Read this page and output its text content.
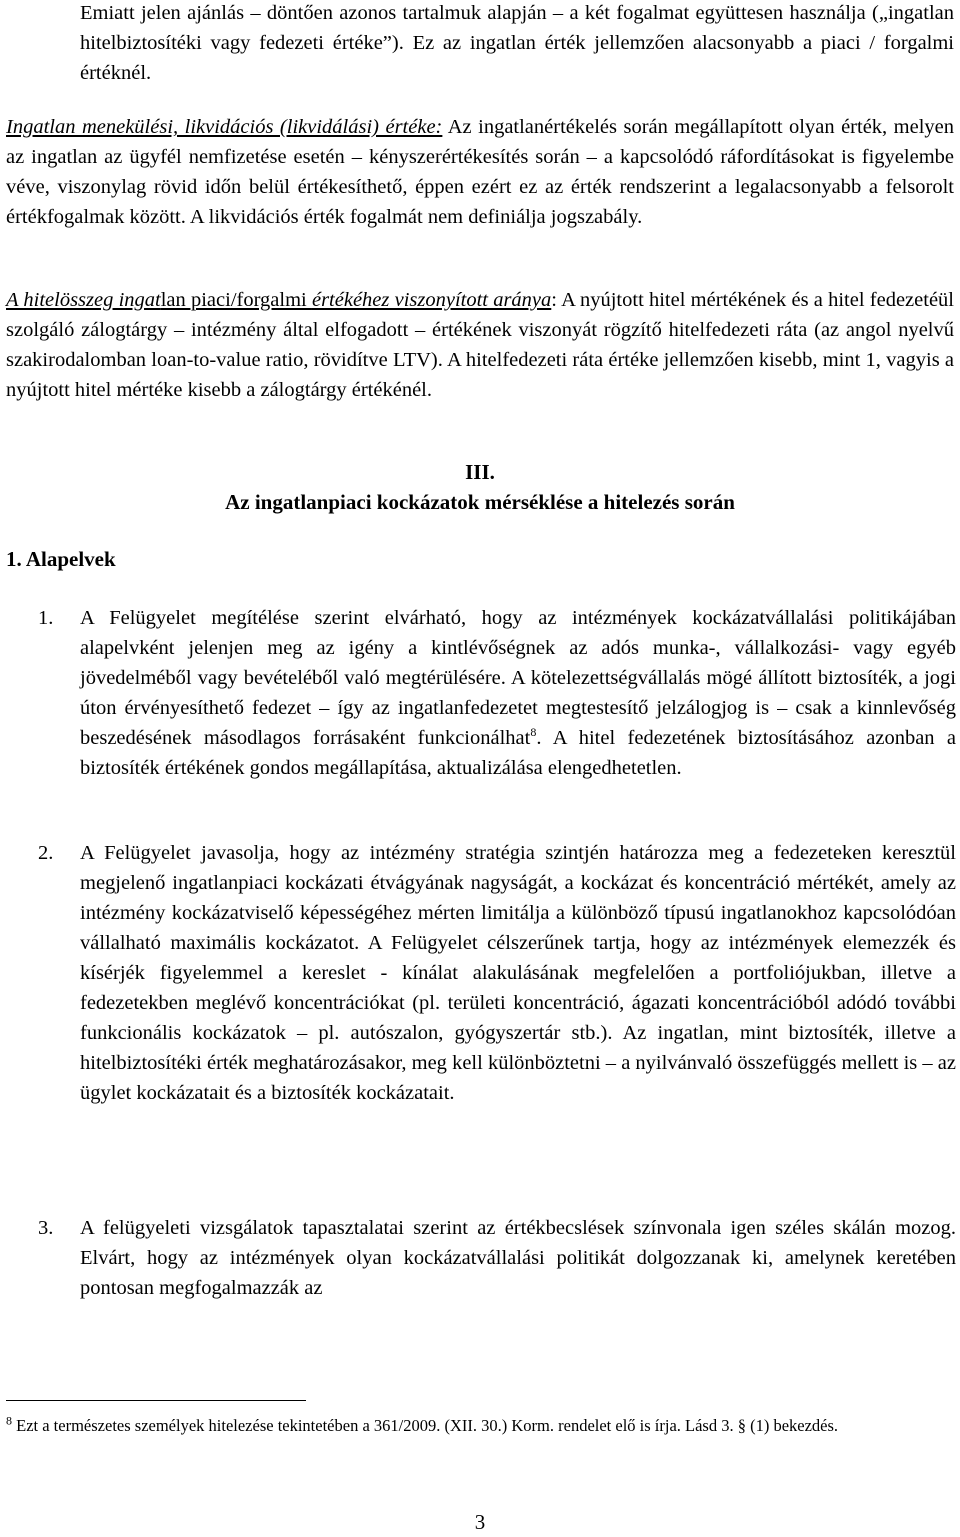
Emiatt jelen ajánlás – döntően azonos tartalmuk alapján – a két fogalmat együttesen használja („ingatlan hitelbiztosítéki vagy fedezeti értéke”). Ez az ingatlan érték jellemzően alacsonyabb a piaci / forgalmi értéknél.
Ingatlan menekülési, likvidációs (likvidálási) értéke: Az ingatlanértékelés során megállapított olyan érték, melyen az ingatlan az ügyfél nemfizetése esetén – kényszerértékesítés során – a kapcsolódó ráfordításokat is figyelembe véve, viszonylag rövid időn belül értékesíthető, éppen ezért ez az érték rendszerint a legalacsonyabb a felsorolt értékfogalmak között. A likvidációs érték fogalmát nem definiálja jogszabály.
A hitelösszeg ingatlan piaci/forgalmi értékéhez viszonyított aránya: A nyújtott hitel mértékének és a hitel fedezetéül szolgáló zálogtárgy – intézmény által elfogadott – értékének viszonyát rögzítő hitelfedezeti ráta (az angol nyelvű szakirodalomban loan-to-value ratio, rövidítve LTV). A hitelfedezeti ráta értéke jellemzően kisebb, mint 1, vagyis a nyújtott hitel mértéke kisebb a zálogtárgy értékénél.
III.
Az ingatlanpiaci kockázatok mérséklése a hitelezés során
1. Alapelvek
1. A Felügyelet megítélése szerint elvárható, hogy az intézmények kockázatvállalási politikájában alapelvként jelenjen meg az igény a kintlévőségnek az adós munka-, vállalkozási- vagy egyéb jövedelméből vagy bevételéből való megtérülésére. A kötelezettségvállalás mögé állított biztosíték, a jogi úton érvényesíthető fedezet – így az ingatlanfedezetet megtestesítő jelzálogjog is – csak a kinnlevőség beszedésének másodlagos forrásaként funkcionálhat$^8$. A hitel fedezetének biztosításához azonban a biztosíték értékének gondos megállapítása, aktualizálása elengedhetetlen.
2. A Felügyelet javasolja, hogy az intézmény stratégia szintjén határozza meg a fedezeteken keresztül megjelenő ingatlanpiaci kockázati étvágyának nagyságát, a kockázat és koncentráció mértékét, amely az intézmény kockázatviselő képességéhez mérten limitálja a különböző típusú ingatlanokhoz kapcsolódóan vállalható maximális kockázatot. A Felügyelet célszerűnek tartja, hogy az intézmények elemezzék és kísérjék figyelemmel a kereslet - kínálat alakulásának megfelelően a portfoliójukban, illetve a fedezetekben meglévő koncentrációkat (pl. területi koncentráció, ágazati koncentrációból adódó további funkcionális kockázatok – pl. autószalon, gyógyszertár stb.). Az ingatlan, mint biztosíték, illetve a hitelbiztosítéki érték meghatározásakor, meg kell különböztetni – a nyilvánvaló összefüggés mellett is – az ügylet kockázatait és a biztosíték kockázatait.
3. A felügyeleti vizsgálatok tapasztalatai szerint az értékbecslések színvonala igen széles skálán mozog. Elvárt, hogy az intézmények olyan kockázatvállalási politikát dolgozzanak ki, amelynek keretében pontosan megfogalmazzák az
$^8$ Ezt a természetes személyek hitelezése tekintetében a 361/2009. (XII. 30.) Korm. rendelet elő is írja. Lásd 3. § (1) bekezdés.
3
